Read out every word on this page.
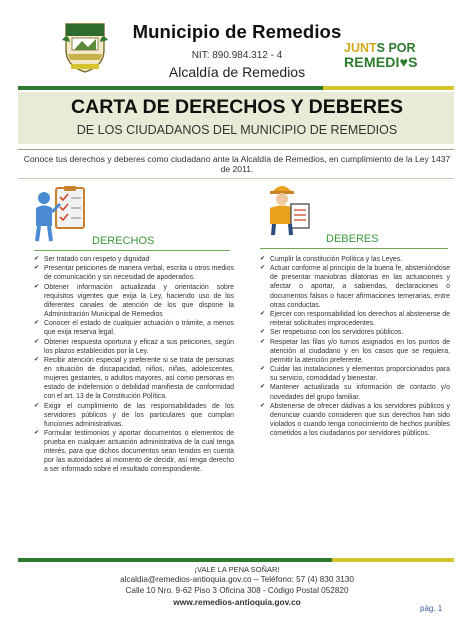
Municipio de Remedios
NIT: 890.984.312 - 4
Alcaldía de Remedios
JUNTS POR
REMEDI♥S
CARTA DE DERECHOS Y DEBERES
DE LOS CIUDADANOS DEL MUNICIPIO DE REMEDIOS
Conoce tus derechos y deberes como ciudadano ante la Alcaldía de Remedios, en cumplimiento de la Ley 1437 de 2011.
DERECHOS	DEBERES
✔ Ser tratado con respeto y dignidad
✔ Presentar peticiones de manera verbal, escrita u otros medios de comunicación y sin necesidad de apoderados.
✔ Obtener información actualizada y orientación sobre requisitos vigentes que exija la Ley, haciendo uso de los diferentes canales de atención de los que dispone la Administración Municipal de Remedios
✔ Conocer el estado de cualquier actuación o trámite, a menos que exija reserva legal.
✔ Obtener respuesta oportuna y eficaz a sus peticiones, según los plazos establecidos por la Ley.
✔ Recibir atención especial y preferente si se trata de personas en situación de discapacidad, niños, niñas, adolescentes, mujeres gestantes, o adultos mayores, así como personas en estado de indefensión o debilidad manifiesta de conformidad con el art. 13 de la Constitución Política.
✔ Exigir el cumplimiento de las responsabilidades de los servidores públicos y de los particulares que cumplan funciones administrativas.
✔ Formular testimonios y aportar documentos o elementos de prueba en cualquier actuación administrativa de la cual tenga interés, para que dichos documentos sean tenidos en cuenta por las autoridades al momento de decidir, así tenga derecho a ser informado sobre el resultado correspondiente.
✔ Cumplir la constitución Política y las Leyes.
✔ Actuar conforme al principio de la buena fe, abstenióndose de presentar maniobras dilatorias en las actuaciones y afectar o aportar, a sabiendas, declaraciones o documentos falsos o hacer afirmaciones temerarias, entre otras conductas.
✔ Ejercer con responsabilidad los derechos al abstenerse de reiterar solicitudes improcedentes.
✔ Ser respetuoso con los servidores públicos.
✔ Respetar las filas y/o turnos asignados en los puntos de atención al ciudadano y en los casos que se requiera, permitir la atención preferente.
✔ Cuidar las instalaciones y elementos proporcionados para su servicio, comodidad y bienestar.
✔ Mantener actualizada su información de contacto y/o novedades del grupo familiar.
✔ Abstenerse de ofrecer dádivas a los servidores públicos y denunciar cuando consideren que sus derechos han sido violados o cuando tenga conocimiento de hechos punibles cometidos a los ciudadanos por servidores públicos.
¡VALE LA PENA SOÑAR!
alcaldia@remedios-antioquia.gov.co – Teléfono: 57 (4) 830 3130
Calle 10 Nro. 9-62 Piso 3 Oficina 308 - Código Postal 052820
www.remedios-antioquia.gov.co
pág. 1
